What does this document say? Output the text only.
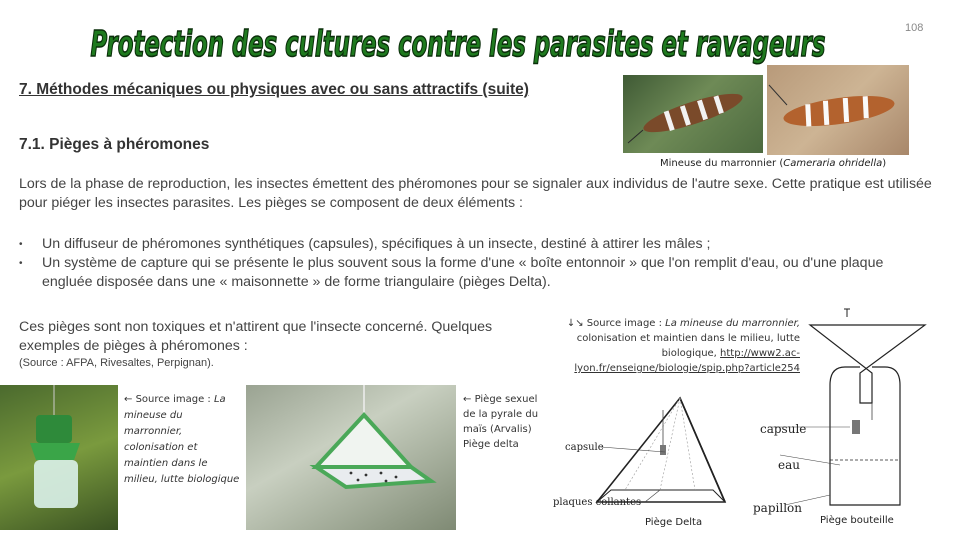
Protection des cultures contre les parasites et ravageurs	108
7. Méthodes mécaniques ou physiques avec ou sans attractifs (suite)
7.1. Pièges à phéromones
Mineuse du marronnier (Cameraria ohridella)
Lors de la phase de reproduction, les insectes émettent des phéromones pour se signaler aux individus de l'autre sexe. Cette pratique est utilisée pour piéger les insectes parasites. Les pièges se composent de deux éléments :
• Un diffuseur de phéromones synthétiques (capsules), spécifiques à un insecte, destiné à attirer les mâles ;
• Un système de capture qui se présente le plus souvent sous la forme d'une « boîte entonnoir » que l'on remplit d'eau, ou d'une plaque engluée disposée dans une « maisonnette » de forme triangulaire (pièges Delta).
Ces pièges sont non toxiques et n'attirent que l'insecte concerné. Quelques exemples de pièges à phéromones :
(Source : AFPA, Rivesaltes, Perpignan).
↓↘ Source image : La mineuse du marronnier, colonisation et maintien dans le milieu, lutte biologique, http://www2.ac-lyon.fr/enseigne/biologie/spip.php?article254
← Source image : La mineuse du marronnier, colonisation et maintien dans le milieu, lutte biologique
← Piège sexuel de la pyrale du maïs (Arvalis)
Piège delta	capsule
plaques collantes
Piège Delta
capsule
eau
papillon
Piège bouteille
